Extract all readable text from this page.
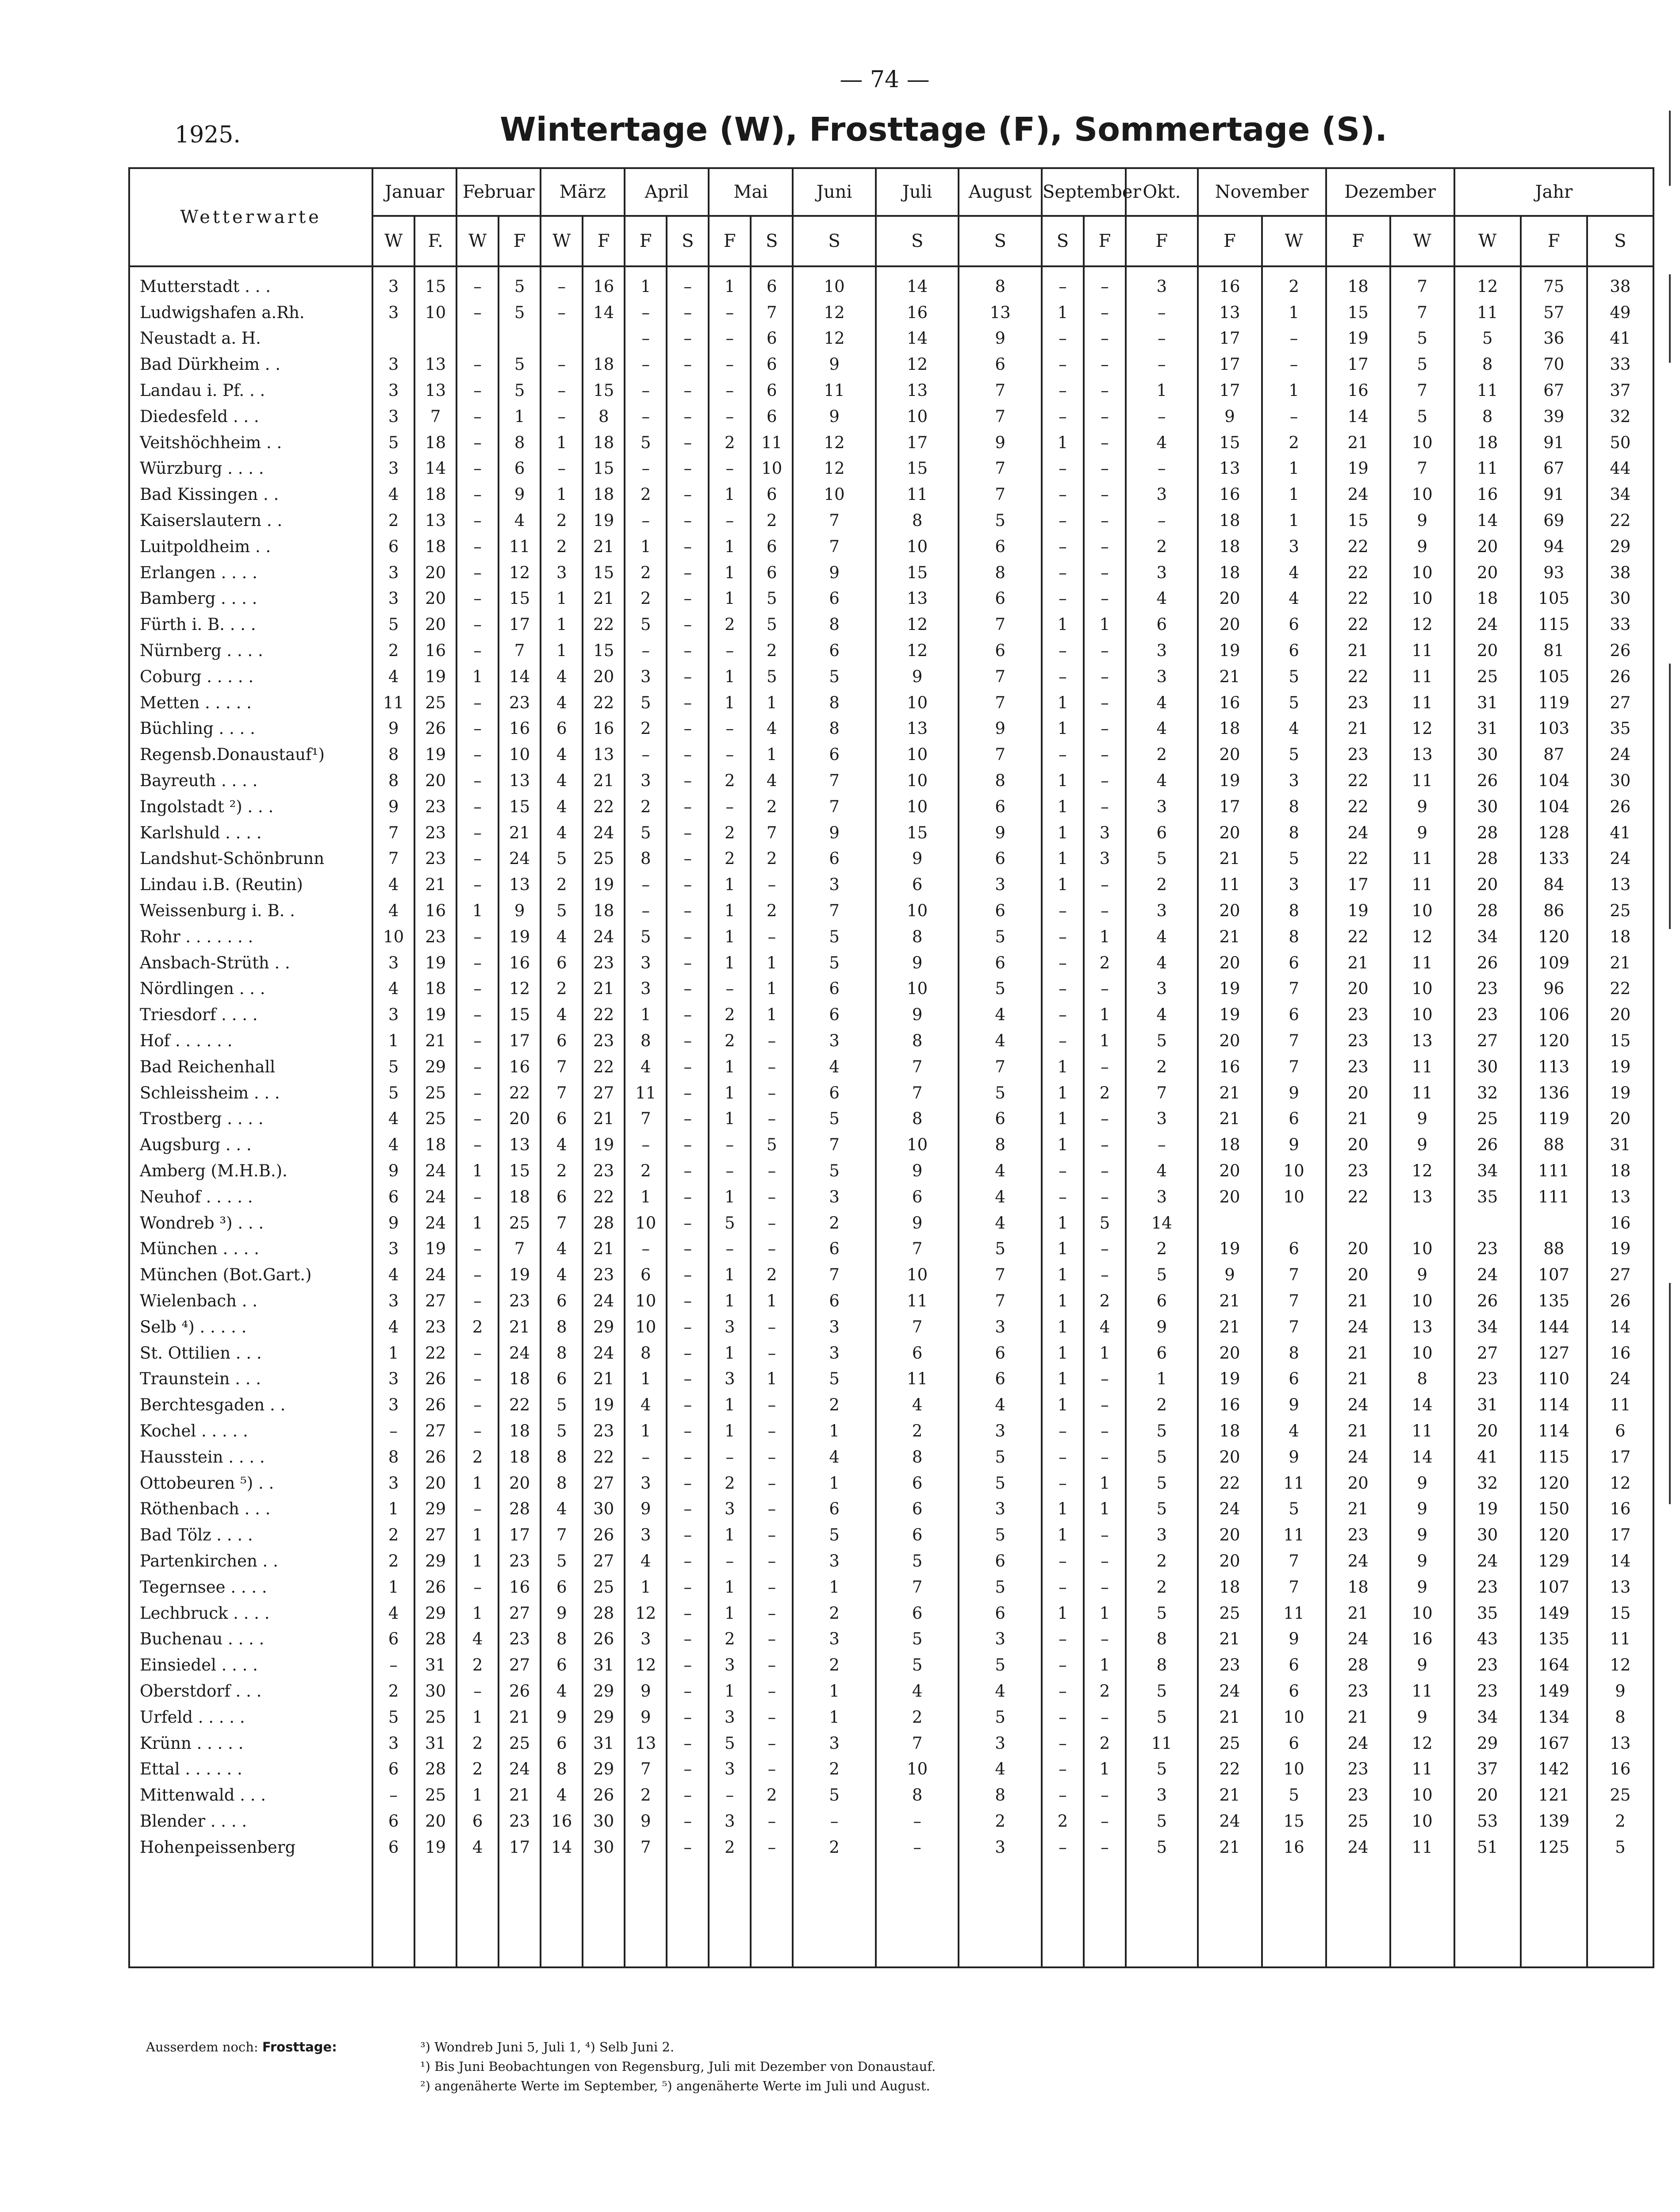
— 74 —
1925.	Wintertage (W), Frosttage (F), Sommertage (S).
Wetterwarte	Januar		Februar		März		April		Mai		Juni	Juli	August	September		Okt.	November		Dezember		Jahr		
	W	F.	W	F	W	F	F	S	F	S	S	S	S	S	F	F	F	W	F	W	W	F	S
Mutterstadt . . .	3	15	–	5	–	16	1	–	1	6	10	14	8	–	–	3	16	2	18	7	12	75	38
Ludwigshafen a.Rh.	3	10	–	5	–	14	–	–	–	7	12	16	13	1	–	–	13	1	15	7	11	57	49
Neustadt a. H.							–	–	–	6	12	14	9	–	–	–	17	–	19	5	5	36	41
Bad Dürkheim . .	3	13	–	5	–	18	–	–	–	6	9	12	6	–	–	–	17	–	17	5	8	70	33
Landau i. Pf. . .	3	13	–	5	–	15	–	–	–	6	11	13	7	–	–	1	17	1	16	7	11	67	37
Diedesfeld . . .	3	7	–	1	–	8	–	–	–	6	9	10	7	–	–	–	9	–	14	5	8	39	32
Veitshöchheim . .	5	18	–	8	1	18	5	–	2	11	12	17	9	1	–	4	15	2	21	10	18	91	50
Würzburg . . . .	3	14	–	6	–	15	–	–	–	10	12	15	7	–	–	–	13	1	19	7	11	67	44
Bad Kissingen . .	4	18	–	9	1	18	2	–	1	6	10	11	7	–	–	3	16	1	24	10	16	91	34
Kaiserslautern . .	2	13	–	4	2	19	–	–	–	2	7	8	5	–	–	–	18	1	15	9	14	69	22
Luitpoldheim . .	6	18	–	11	2	21	1	–	1	6	7	10	6	–	–	2	18	3	22	9	20	94	29
Erlangen . . . .	3	20	–	12	3	15	2	–	1	6	9	15	8	–	–	3	18	4	22	10	20	93	38
Bamberg . . . .	3	20	–	15	1	21	2	–	1	5	6	13	6	–	–	4	20	4	22	10	18	105	30
Fürth i. B. . . .	5	20	–	17	1	22	5	–	2	5	8	12	7	1	1	6	20	6	22	12	24	115	33
Nürnberg . . . .	2	16	–	7	1	15	–	–	–	2	6	12	6	–	–	3	19	6	21	11	20	81	26
Coburg . . . . .	4	19	1	14	4	20	3	–	1	5	5	9	7	–	–	3	21	5	22	11	25	105	26
Metten . . . . .	11	25	–	23	4	22	5	–	1	1	8	10	7	1	–	4	16	5	23	11	31	119	27
Büchling . . . .	9	26	–	16	6	16	2	–	–	4	8	13	9	1	–	4	18	4	21	12	31	103	35
Regensb.Donaustauf¹)	8	19	–	10	4	13	–	–	–	1	6	10	7	–	–	2	20	5	23	13	30	87	24
Bayreuth . . . .	8	20	–	13	4	21	3	–	2	4	7	10	8	1	–	4	19	3	22	11	26	104	30
Ingolstadt ²) . . .	9	23	–	15	4	22	2	–	–	2	7	10	6	1	–	3	17	8	22	9	30	104	26
Karlshuld . . . .	7	23	–	21	4	24	5	–	2	7	9	15	9	1	3	6	20	8	24	9	28	128	41
Landshut-Schönbrunn	7	23	–	24	5	25	8	–	2	2	6	9	6	1	3	5	21	5	22	11	28	133	24
Lindau i.B. (Reutin)	4	21	–	13	2	19	–	–	1	–	3	6	3	1	–	2	11	3	17	11	20	84	13
Weissenburg i. B. .	4	16	1	9	5	18	–	–	1	2	7	10	6	–	–	3	20	8	19	10	28	86	25
Rohr . . . . . . .	10	23	–	19	4	24	5	–	1	–	5	8	5	–	1	4	21	8	22	12	34	120	18
Ansbach-Strüth . .	3	19	–	16	6	23	3	–	1	1	5	9	6	–	2	4	20	6	21	11	26	109	21
Nördlingen . . .	4	18	–	12	2	21	3	–	–	1	6	10	5	–	–	3	19	7	20	10	23	96	22
Triesdorf . . . .	3	19	–	15	4	22	1	–	2	1	6	9	4	–	1	4	19	6	23	10	23	106	20
Hof . . . . . .	1	21	–	17	6	23	8	–	2	–	3	8	4	–	1	5	20	7	23	13	27	120	15
Bad Reichenhall	5	29	–	16	7	22	4	–	1	–	4	7	7	1	–	2	16	7	23	11	30	113	19
Schleissheim . . .	5	25	–	22	7	27	11	–	1	–	6	7	5	1	2	7	21	9	20	11	32	136	19
Trostberg . . . .	4	25	–	20	6	21	7	–	1	–	5	8	6	1	–	3	21	6	21	9	25	119	20
Augsburg . . .	4	18	–	13	4	19	–	–	–	5	7	10	8	1	–	–	18	9	20	9	26	88	31
Amberg (M.H.B.).	9	24	1	15	2	23	2	–	–	–	5	9	4	–	–	4	20	10	23	12	34	111	18
Neuhof . . . . .	6	24	–	18	6	22	1	–	1	–	3	6	4	–	–	3	20	10	22	13	35	111	13
Wondreb ³) . . .	9	24	1	25	7	28	10	–	5	–	2	9	4	1	5	14							16
München . . . .	3	19	–	7	4	21	–	–	–	–	6	7	5	1	–	2	19	6	20	10	23	88	19
München (Bot.Gart.)	4	24	–	19	4	23	6	–	1	2	7	10	7	1	–	5	9	7	20	9	24	107	27
Wielenbach . .	3	27	–	23	6	24	10	–	1	1	6	11	7	1	2	6	21	7	21	10	26	135	26
Selb ⁴) . . . . .	4	23	2	21	8	29	10	–	3	–	3	7	3	1	4	9	21	7	24	13	34	144	14
St. Ottilien . . .	1	22	–	24	8	24	8	–	1	–	3	6	6	1	1	6	20	8	21	10	27	127	16
Traunstein . . .	3	26	–	18	6	21	1	–	3	1	5	11	6	1	–	1	19	6	21	8	23	110	24
Berchtesgaden . .	3	26	–	22	5	19	4	–	1	–	2	4	4	1	–	2	16	9	24	14	31	114	11
Kochel . . . . .	–	27	–	18	5	23	1	–	1	–	1	2	3	–	–	5	18	4	21	11	20	114	6
Hausstein . . . .	8	26	2	18	8	22	–	–	–	–	4	8	5	–	–	5	20	9	24	14	41	115	17
Ottobeuren ⁵) . .	3	20	1	20	8	27	3	–	2	–	1	6	5	–	1	5	22	11	20	9	32	120	12
Röthenbach . . .	1	29	–	28	4	30	9	–	3	–	6	6	3	1	1	5	24	5	21	9	19	150	16
Bad Tölz . . . .	2	27	1	17	7	26	3	–	1	–	5	6	5	1	–	3	20	11	23	9	30	120	17
Partenkirchen . .	2	29	1	23	5	27	4	–	–	–	3	5	6	–	–	2	20	7	24	9	24	129	14
Tegernsee . . . .	1	26	–	16	6	25	1	–	1	–	1	7	5	–	–	2	18	7	18	9	23	107	13
Lechbruck . . . .	4	29	1	27	9	28	12	–	1	–	2	6	6	1	1	5	25	11	21	10	35	149	15
Buchenau . . . .	6	28	4	23	8	26	3	–	2	–	3	5	3	–	–	8	21	9	24	16	43	135	11
Einsiedel . . . .	–	31	2	27	6	31	12	–	3	–	2	5	5	–	1	8	23	6	28	9	23	164	12
Oberstdorf . . .	2	30	–	26	4	29	9	–	1	–	1	4	4	–	2	5	24	6	23	11	23	149	9
Urfeld . . . . .	5	25	1	21	9	29	9	–	3	–	1	2	5	–	–	5	21	10	21	9	34	134	8
Krünn . . . . .	3	31	2	25	6	31	13	–	5	–	3	7	3	–	2	11	25	6	24	12	29	167	13
Ettal . . . . . .	6	28	2	24	8	29	7	–	3	–	2	10	4	–	1	5	22	10	23	11	37	142	16
Mittenwald . . .	–	25	1	21	4	26	2	–	–	2	5	8	8	–	–	3	21	5	23	10	20	121	25
Blender . . . .	6	20	6	23	16	30	9	–	3	–	–	–	2	2	–	5	24	15	25	10	53	139	2
Hohenpeissenberg	6	19	4	17	14	30	7	–	2	–	2	–	3	–	–	5	21	16	24	11	51	125	5

Ausserdem noch: Frosttage:	³) Wondreb Juni 5, Juli 1, ⁴) Selb Juni 2.
¹) Bis Juni Beobachtungen von Regensburg, Juli mit Dezember von Donaustauf.
²) angenäherte Werte im September, ⁵) angenäherte Werte im Juli und August.
